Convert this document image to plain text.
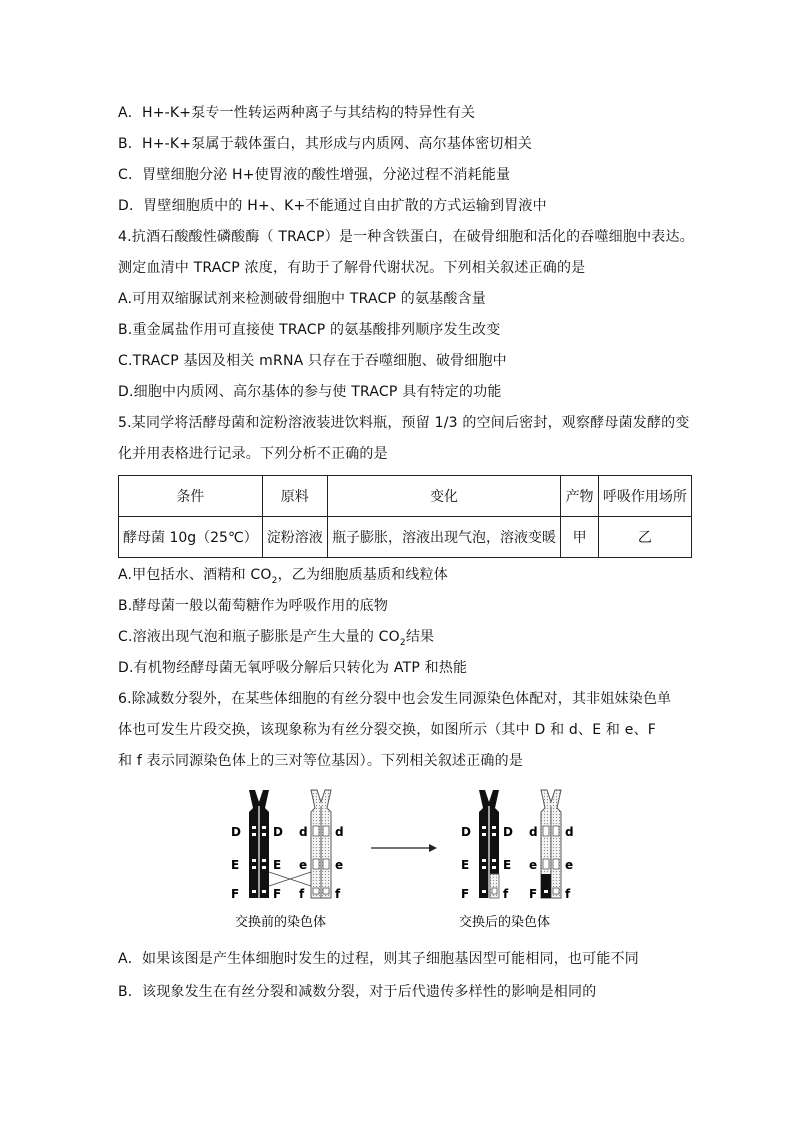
A．H+-K+泵专一性转运两种离子与其结构的特异性有关
B．H+-K+泵属于载体蛋白，其形成与内质网、高尔基体密切相关
C．胃壁细胞分泌 H+使胃液的酸性增强，分泌过程不消耗能量
D．胃壁细胞质中的 H+、K+不能通过自由扩散的方式运输到胃液中
4.抗酒石酸酸性磷酸酶（ TRACP）是一种含铁蛋白，在破骨细胞和活化的吞噬细胞中表达。
测定血清中 TRACP 浓度，有助于了解骨代谢状况。下列相关叙述正确的是
A.可用双缩脲试剂来检测破骨细胞中 TRACP 的氨基酸含量
B.重金属盐作用可直接使 TRACP 的氨基酸排列顺序发生改变
C.TRACP 基因及相关 mRNA 只存在于吞噬细胞、破骨细胞中
D.细胞中内质网、高尔基体的参与使 TRACP 具有特定的功能
5.某同学将活酵母菌和淀粉溶液装进饮料瓶，预留 1/3 的空间后密封，观察酵母菌发酵的变
化并用表格进行记录。下列分析不正确的是
条件	原料	变化	产物	呼吸作用场所
酵母菌 10g（25℃）	淀粉溶液	瓶子膨胀，溶液出现气泡，溶液变暖	甲	乙
A.甲包括水、酒精和 $CO_2$，乙为细胞质基质和线粒体
B.酵母菌一般以葡萄糖作为呼吸作用的底物
C.溶液出现气泡和瓶子膨胀是产生大量的 $CO_2$结果
D.有机物经酵母菌无氧呼吸分解后只转化为 ATP 和热能
6.除减数分裂外，在某些体细胞的有丝分裂中也会发生同源染色体配对，其非姐妹染色单
体也可发生片段交换，该现象称为有丝分裂交换，如图所示（其中 D 和 d、E 和 e、F
和 f 表示同源染色体上的三对等位基因）。下列相关叙述正确的是
D	D d d
E	E e e
F	F f	f
D	D d d
E	E e e
F	f F f
交换前的染色体	交换后的染色体
A．如果该图是产生体细胞时发生的过程，则其子细胞基因型可能相同，也可能不同
B．该现象发生在有丝分裂和减数分裂，对于后代遗传多样性的影响是相同的
